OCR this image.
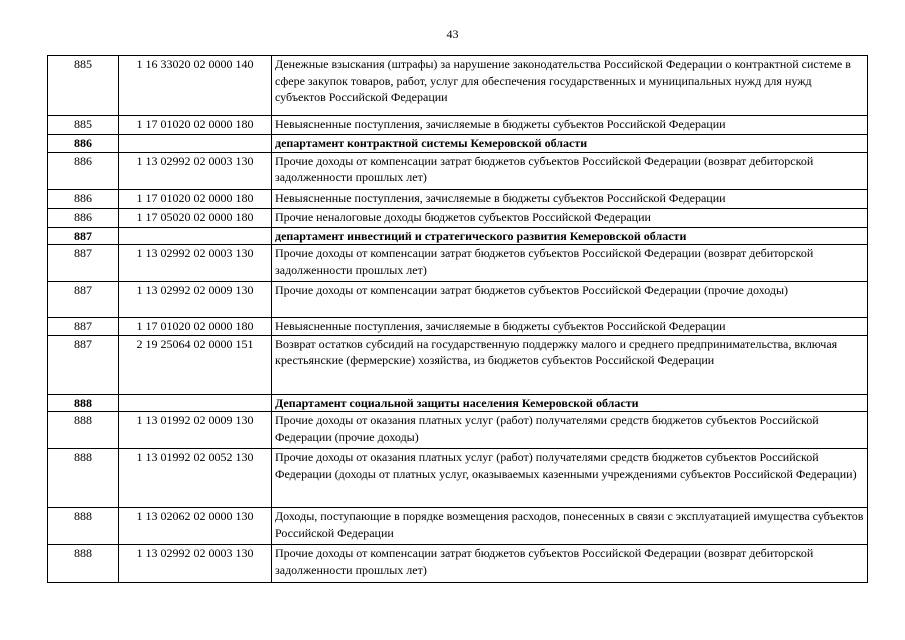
43
885	1 16 33020 02 0000 140	Денежные взыскания (штрафы) за нарушение законодательства Российской Федерации о контрактной системе в сфере закупок товаров, работ, услуг для обеспечения государственных и муниципальных нужд для нужд субъектов Российской Федерации
885	1 17 01020 02 0000 180	Невыясненные поступления, зачисляемые в бюджеты субъектов Российской Федерации
886		департамент контрактной системы Кемеровской области
886	1 13 02992 02 0003 130	Прочие доходы от компенсации затрат бюджетов субъектов Российской Федерации (возврат дебиторской задолженности прошлых лет)
886	1 17 01020 02 0000 180	Невыясненные поступления, зачисляемые в бюджеты субъектов Российской Федерации
886	1 17 05020 02 0000 180	Прочие неналоговые доходы бюджетов субъектов Российской Федерации
887		департамент инвестиций и стратегического развития Кемеровской области
887	1 13 02992 02 0003 130	Прочие доходы от компенсации затрат бюджетов субъектов Российской Федерации (возврат дебиторской задолженности прошлых лет)
887	1 13 02992 02 0009 130	Прочие доходы от компенсации затрат бюджетов субъектов Российской Федерации (прочие доходы)
887	1 17 01020 02 0000 180	Невыясненные поступления, зачисляемые в бюджеты субъектов Российской Федерации
887	2 19 25064 02 0000 151	Возврат остатков субсидий на государственную поддержку малого и среднего предпринимательства, включая крестьянские (фермерские) хозяйства, из бюджетов субъектов Российской Федерации
888		Департамент социальной защиты населения Кемеровской области
888	1 13 01992 02 0009 130	Прочие доходы от оказания платных услуг (работ) получателями средств бюджетов субъектов Российской Федерации (прочие доходы)
888	1 13 01992 02 0052 130	Прочие доходы от оказания платных услуг (работ) получателями средств бюджетов субъектов Российской Федерации (доходы от платных услуг, оказываемых казенными учреждениями субъектов Российской Федерации)
888	1 13 02062 02 0000 130	Доходы, поступающие в порядке возмещения расходов, понесенных в связи с эксплуатацией имущества субъектов Российской Федерации
888	1 13 02992 02 0003 130	Прочие доходы от компенсации затрат бюджетов субъектов Российской Федерации (возврат дебиторской задолженности прошлых лет)
